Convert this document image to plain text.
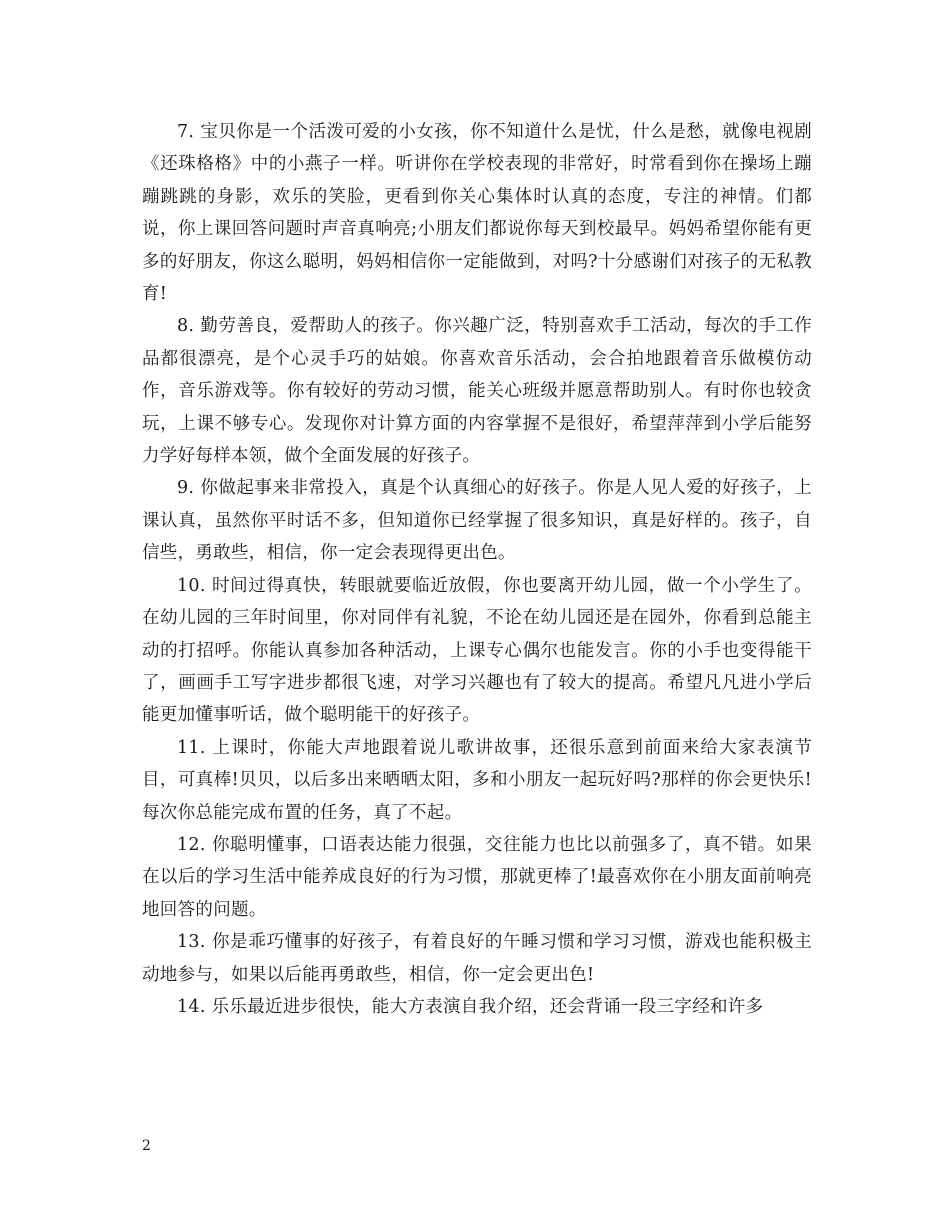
7. 宝贝你是一个活泼可爱的小女孩，你不知道什么是忧，什么是愁，就像电视剧《还珠格格》中的小燕子一样。听讲你在学校表现的非常好，时常看到你在操场上蹦蹦跳跳的身影，欢乐的笑脸，更看到你关心集体时认真的态度，专注的神情。们都说，你上课回答问题时声音真响亮;小朋友们都说你每天到校最早。妈妈希望你能有更多的好朋友，你这么聪明，妈妈相信你一定能做到，对吗?十分感谢们对孩子的无私教育!

8. 勤劳善良，爱帮助人的孩子。你兴趣广泛，特别喜欢手工活动，每次的手工作品都很漂亮，是个心灵手巧的姑娘。你喜欢音乐活动，会合拍地跟着音乐做模仿动作，音乐游戏等。你有较好的劳动习惯，能关心班级并愿意帮助别人。有时你也较贪玩，上课不够专心。发现你对计算方面的内容掌握不是很好，希望萍萍到小学后能努力学好每样本领，做个全面发展的好孩子。

9. 你做起事来非常投入，真是个认真细心的好孩子。你是人见人爱的好孩子，上课认真，虽然你平时话不多，但知道你已经掌握了很多知识，真是好样的。孩子，自信些，勇敢些，相信，你一定会表现得更出色。

10. 时间过得真快，转眼就要临近放假，你也要离开幼儿园，做一个小学生了。在幼儿园的三年时间里，你对同伴有礼貌，不论在幼儿园还是在园外，你看到总能主动的打招呼。你能认真参加各种活动，上课专心偶尔也能发言。你的小手也变得能干了，画画手工写字进步都很飞速，对学习兴趣也有了较大的提高。希望凡凡进小学后能更加懂事听话，做个聪明能干的好孩子。

11. 上课时，你能大声地跟着说儿歌讲故事，还很乐意到前面来给大家表演节目，可真棒!贝贝，以后多出来晒晒太阳，多和小朋友一起玩好吗?那样的你会更快乐!每次你总能完成布置的任务，真了不起。

12. 你聪明懂事，口语表达能力很强，交往能力也比以前强多了，真不错。如果在以后的学习生活中能养成良好的行为习惯，那就更棒了!最喜欢你在小朋友面前响亮地回答的问题。

13. 你是乖巧懂事的好孩子，有着良好的午睡习惯和学习习惯，游戏也能积极主动地参与，如果以后能再勇敢些，相信，你一定会更出色!

14. 乐乐最近进步很快，能大方表演自我介绍，还会背诵一段三字经和许多

2
